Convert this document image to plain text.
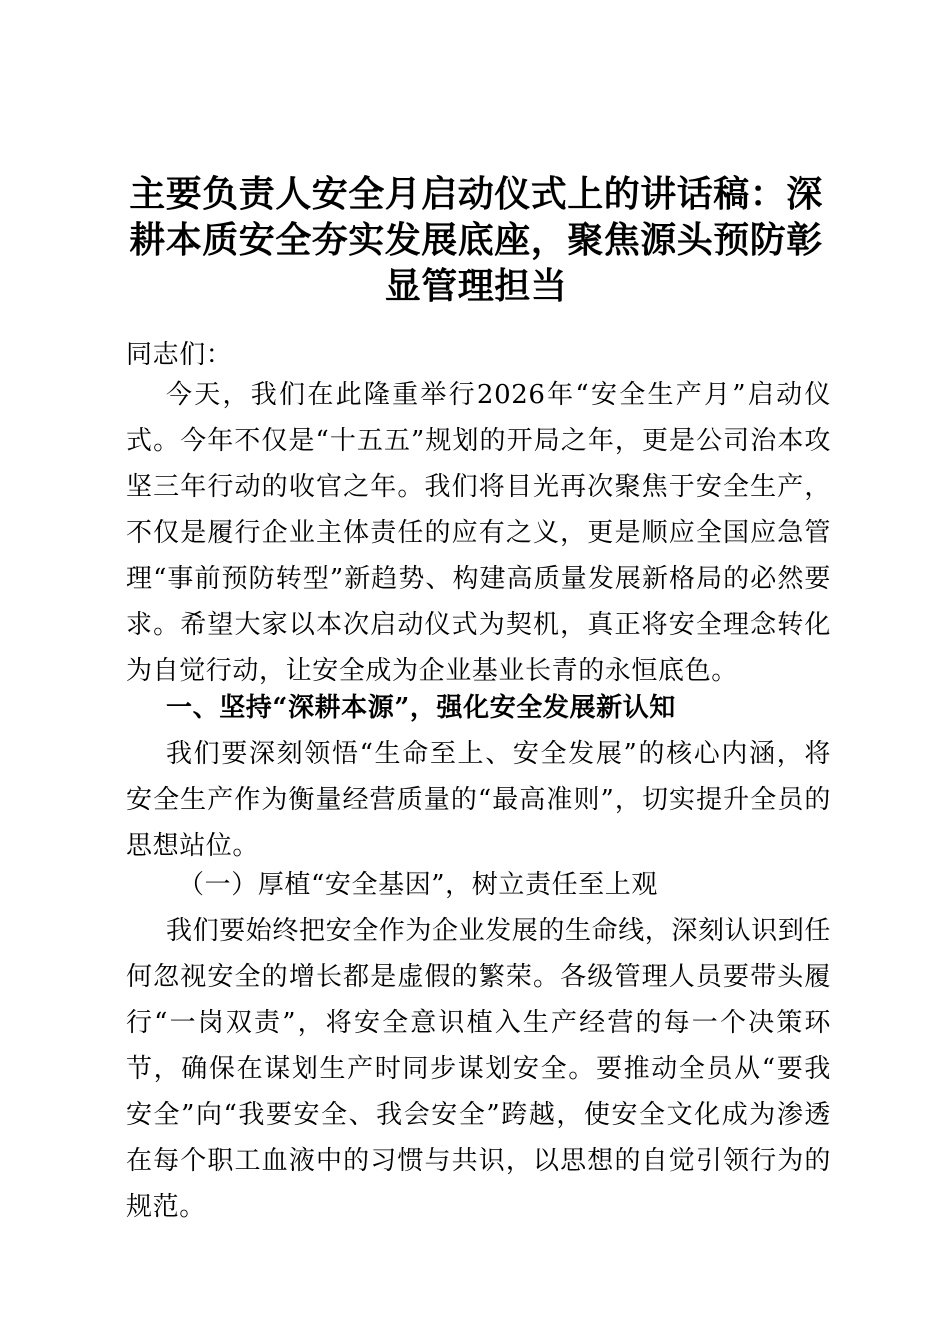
主要负责人安全月启动仪式上的讲话稿：深耕本质安全夯实发展底座，聚焦源头预防彰显管理担当

同志们：

今天，我们在此隆重举行2026年“安全生产月”启动仪式。今年不仅是“十五五”规划的开局之年，更是公司治本攻坚三年行动的收官之年。我们将目光再次聚焦于安全生产，不仅是履行企业主体责任的应有之义，更是顺应全国应急管理“事前预防转型”新趋势、构建高质量发展新格局的必然要求。希望大家以本次启动仪式为契机，真正将安全理念转化为自觉行动，让安全成为企业基业长青的永恒底色。

一、坚持“深耕本源”，强化安全发展新认知

我们要深刻领悟“生命至上、安全发展”的核心内涵，将安全生产作为衡量经营质量的“最高准则”，切实提升全员的思想站位。

（一）厚植“安全基因”，树立责任至上观

我们要始终把安全作为企业发展的生命线，深刻认识到任何忽视安全的增长都是虚假的繁荣。各级管理人员要带头履行“一岗双责”，将安全意识植入生产经营的每一个决策环节，确保在谋划生产时同步谋划安全。要推动全员从“要我安全”向“我要安全、我会安全”跨越，使安全文化成为渗透在每个职工血液中的习惯与共识，以思想的自觉引领行为的规范。
